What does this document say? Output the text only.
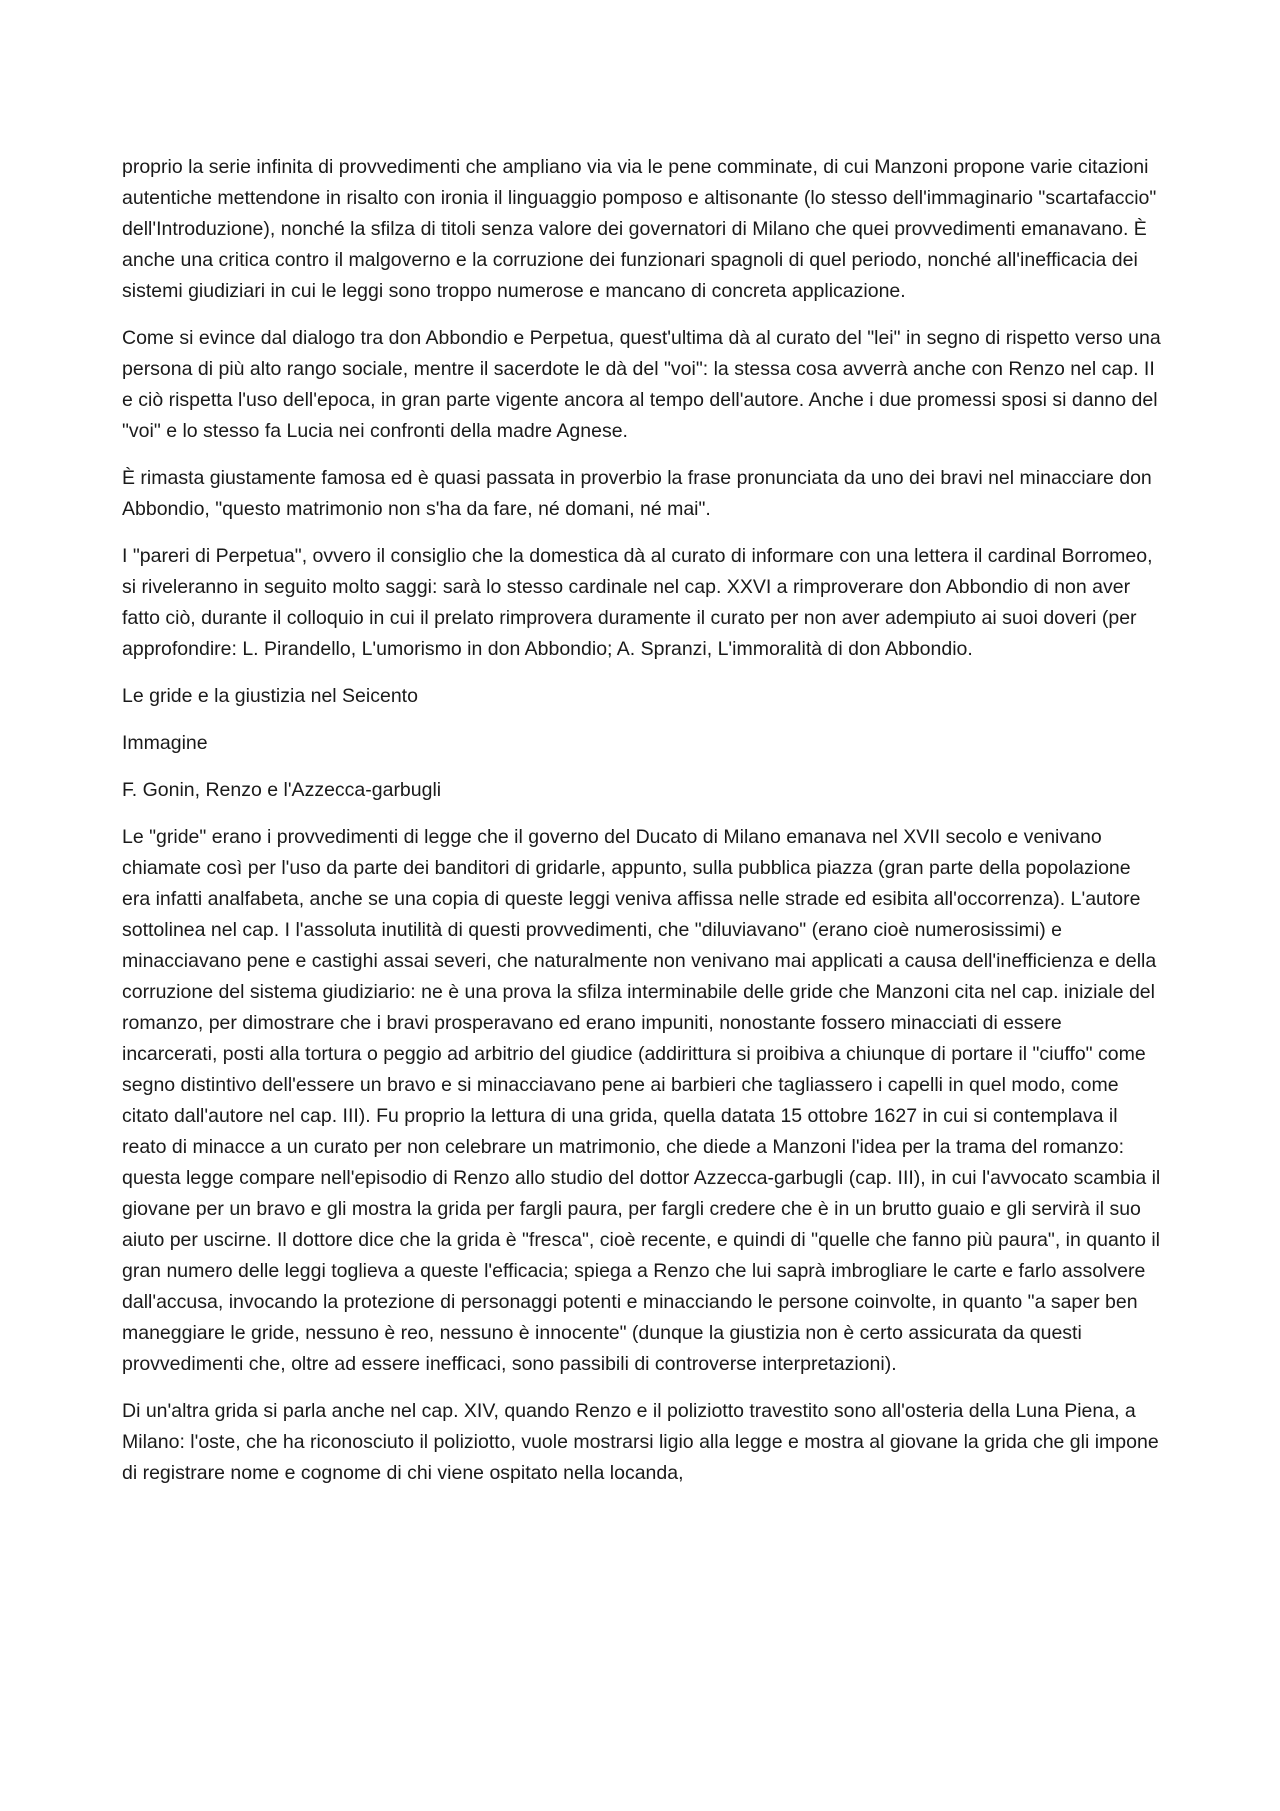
proprio la serie infinita di provvedimenti che ampliano via via le pene comminate, di cui Manzoni propone varie citazioni autentiche mettendone in risalto con ironia il linguaggio pomposo e altisonante (lo stesso dell'immaginario "scartafaccio" dell'Introduzione), nonché la sfilza di titoli senza valore dei governatori di Milano che quei provvedimenti emanavano. È anche una critica contro il malgoverno e la corruzione dei funzionari spagnoli di quel periodo, nonché all'inefficacia dei sistemi giudiziari in cui le leggi sono troppo numerose e mancano di concreta applicazione.

Come si evince dal dialogo tra don Abbondio e Perpetua, quest'ultima dà al curato del "lei" in segno di rispetto verso una persona di più alto rango sociale, mentre il sacerdote le dà del "voi": la stessa cosa avverrà anche con Renzo nel cap. II e ciò rispetta l'uso dell'epoca, in gran parte vigente ancora al tempo dell'autore. Anche i due promessi sposi si danno del "voi" e lo stesso fa Lucia nei confronti della madre Agnese.

È rimasta giustamente famosa ed è quasi passata in proverbio la frase pronunciata da uno dei bravi nel minacciare don Abbondio, "questo matrimonio non s'ha da fare, né domani, né mai".

I "pareri di Perpetua", ovvero il consiglio che la domestica dà al curato di informare con una lettera il cardinal Borromeo, si riveleranno in seguito molto saggi: sarà lo stesso cardinale nel cap. XXVI a rimproverare don Abbondio di non aver fatto ciò, durante il colloquio in cui il prelato rimprovera duramente il curato per non aver adempiuto ai suoi doveri (per approfondire: L. Pirandello, L'umorismo in don Abbondio; A. Spranzi, L'immoralità di don Abbondio.

Le gride e la giustizia nel Seicento

Immagine

F. Gonin, Renzo e l'Azzecca-garbugli

Le "gride" erano i provvedimenti di legge che il governo del Ducato di Milano emanava nel XVII secolo e venivano chiamate così per l'uso da parte dei banditori di gridarle, appunto, sulla pubblica piazza (gran parte della popolazione era infatti analfabeta, anche se una copia di queste leggi veniva affissa nelle strade ed esibita all'occorrenza). L'autore sottolinea nel cap. I l'assoluta inutilità di questi provvedimenti, che "diluviavano" (erano cioè numerosissimi) e minacciavano pene e castighi assai severi, che naturalmente non venivano mai applicati a causa dell'inefficienza e della corruzione del sistema giudiziario: ne è una prova la sfilza interminabile delle gride che Manzoni cita nel cap. iniziale del romanzo, per dimostrare che i bravi prosperavano ed erano impuniti, nonostante fossero minacciati di essere incarcerati, posti alla tortura o peggio ad arbitrio del giudice (addirittura si proibiva a chiunque di portare il "ciuffo" come segno distintivo dell'essere un bravo e si minacciavano pene ai barbieri che tagliassero i capelli in quel modo, come citato dall'autore nel cap. III). Fu proprio la lettura di una grida, quella datata 15 ottobre 1627 in cui si contemplava il reato di minacce a un curato per non celebrare un matrimonio, che diede a Manzoni l'idea per la trama del romanzo: questa legge compare nell'episodio di Renzo allo studio del dottor Azzecca-garbugli (cap. III), in cui l'avvocato scambia il giovane per un bravo e gli mostra la grida per fargli paura, per fargli credere che è in un brutto guaio e gli servirà il suo aiuto per uscirne. Il dottore dice che la grida è "fresca", cioè recente, e quindi di "quelle che fanno più paura", in quanto il gran numero delle leggi toglieva a queste l'efficacia; spiega a Renzo che lui saprà imbrogliare le carte e farlo assolvere dall'accusa, invocando la protezione di personaggi potenti e minacciando le persone coinvolte, in quanto "a saper ben maneggiare le gride, nessuno è reo, nessuno è innocente" (dunque la giustizia non è certo assicurata da questi provvedimenti che, oltre ad essere inefficaci, sono passibili di controverse interpretazioni).

Di un'altra grida si parla anche nel cap. XIV, quando Renzo e il poliziotto travestito sono all'osteria della Luna Piena, a Milano: l'oste, che ha riconosciuto il poliziotto, vuole mostrarsi ligio alla legge e mostra al giovane la grida che gli impone di registrare nome e cognome di chi viene ospitato nella locanda,
